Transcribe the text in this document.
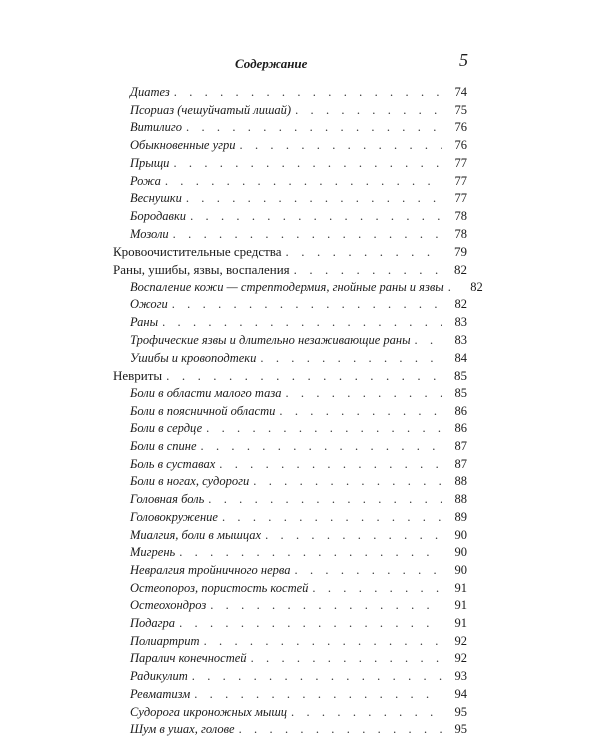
Содержание	5
Диатез . . .	74
Псориаз (чешуйчатый лишай) . . .	75
Витилиго . . .	76
Обыкновенные угри . . .	76
Прыщи . . .	77
Рожа . . .	77
Веснушки . . .	77
Бородавки . . .	78
Мозоли . . .	78
Кровоочистительные средства . . .	79
Раны, ушибы, язвы, воспаления . . .	82
Воспаление кожи — стрептодермия, гнойные раны и язвы . . .	82
Ожоги . . .	82
Раны . . .	83
Трофические язвы и длительно незаживающие раны . . .	83
Ушибы и кровоподтеки . . .	84
Невриты . . .	85
Боли в области малого таза . . .	85
Боли в поясничной области . . .	86
Боли в сердце . . .	86
Боли в спине . . .	87
Боль в суставах . . .	87
Боли в ногах, судороги . . .	88
Головная боль . . .	88
Головокружение . . .	89
Миалгия, боли в мышцах . . .	90
Мигрень . . .	90
Невралгия тройничного нерва . . .	90
Остеопороз, пористость костей . . .	91
Остеохондроз . . .	91
Подагра . . .	91
Полиартрит . . .	92
Паралич конечностей . . .	92
Радикулит . . .	93
Ревматизм . . .	94
Судорога икроножных мышц . . .	95
Шум в ушах, голове . . .	95
